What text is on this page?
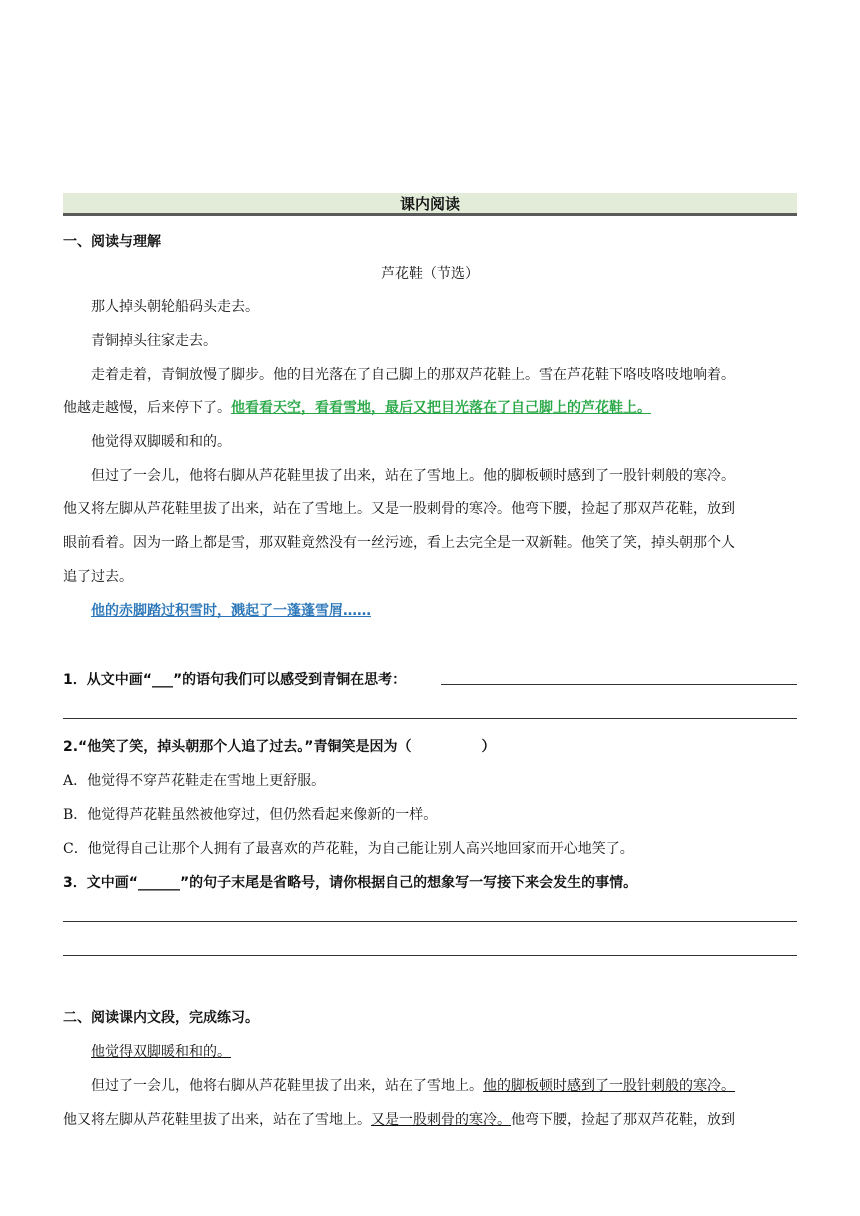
课内阅读
一、阅读与理解
芦花鞋（节选）
那人掉头朝轮船码头走去。
青铜掉头往家走去。
走着走着，青铜放慢了脚步。他的目光落在了自己脚上的那双芦花鞋上。雪在芦花鞋下咯吱咯吱地响着。
他越走越慢，后来停下了。他看看天空，看看雪地，最后又把目光落在了自己脚上的芦花鞋上。
他觉得双脚暖和和的。
但过了一会儿，他将右脚从芦花鞋里拔了出来，站在了雪地上。他的脚板顿时感到了一股针刺般的寒冷。
他又将左脚从芦花鞋里拔了出来，站在了雪地上。又是一股刺骨的寒冷。他弯下腰，捡起了那双芦花鞋，放到
眼前看着。因为一路上都是雪，那双鞋竟然没有一丝污迹，看上去完全是一双新鞋。他笑了笑，掉头朝那个人
追了过去。
他的赤脚踏过积雪时，溅起了一蓬蓬雪屑……
1．从文中画“___”的语句我们可以感受到青铜在思考：
2.“他笑了笑，掉头朝那个人追了过去。”青铜笑是因为（　　　　　）
A．他觉得不穿芦花鞋走在雪地上更舒服。
B．他觉得芦花鞋虽然被他穿过，但仍然看起来像新的一样。
C．他觉得自己让那个人拥有了最喜欢的芦花鞋，为自己能让别人高兴地回家而开心地笑了。
3．文中画“______”的句子末尾是省略号，请你根据自己的想象写一写接下来会发生的事情。
二、阅读课内文段，完成练习。
他觉得双脚暖和和的。
但过了一会儿，他将右脚从芦花鞋里拔了出来，站在了雪地上。他的脚板顿时感到了一股针刺般的寒冷。
他又将左脚从芦花鞋里拔了出来，站在了雪地上。又是一股刺骨的寒冷。他弯下腰，捡起了那双芦花鞋，放到
